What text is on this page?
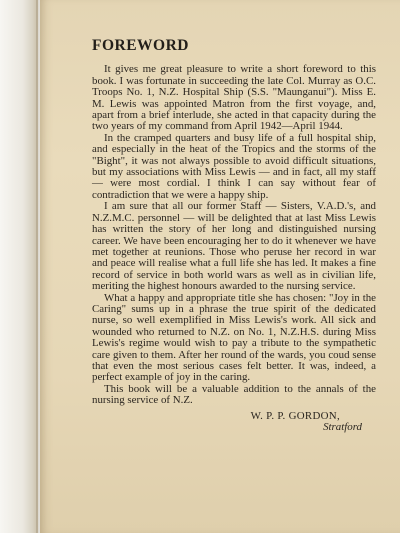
FOREWORD

It gives me great pleasure to write a short foreword to this book. I was fortunate in succeeding the late Col. Murray as O.C. Troops No. 1, N.Z. Hospital Ship (S.S. "Maunganui"). Miss E. M. Lewis was appointed Matron from the first voyage, and, apart from a brief interlude, she acted in that capacity during the two years of my command from April 1942—April 1944.

In the cramped quarters and busy life of a full hospital ship, and especially in the heat of the Tropics and the storms of the "Bight", it was not always possible to avoid difficult situations, but my associations with Miss Lewis — and in fact, all my staff — were most cordial. I think I can say without fear of contradiction that we were a happy ship.

I am sure that all our former Staff — Sisters, V.A.D.'s, and N.Z.M.C. personnel — will be delighted that at last Miss Lewis has written the story of her long and distinguished nursing career. We have been encouraging her to do it whenever we have met together at reunions. Those who peruse her record in war and peace will realise what a full life she has led. It makes a fine record of service in both world wars as well as in civilian life, meriting the highest honours awarded to the nursing service.

What a happy and appropriate title she has chosen: "Joy in the Caring" sums up in a phrase the true spirit of the dedicated nurse, so well exemplified in Miss Lewis's work. All sick and wounded who returned to N.Z. on No. 1, N.Z.H.S. during Miss Lewis's regime would wish to pay a tribute to the sympathetic care given to them. After her round of the wards, you coud sense that even the most serious cases felt better. It was, indeed, a perfect example of joy in the caring.

This book will be a valuable addition to the annals of the nursing service of N.Z.

W. P. P. GORDON,
Stratford
